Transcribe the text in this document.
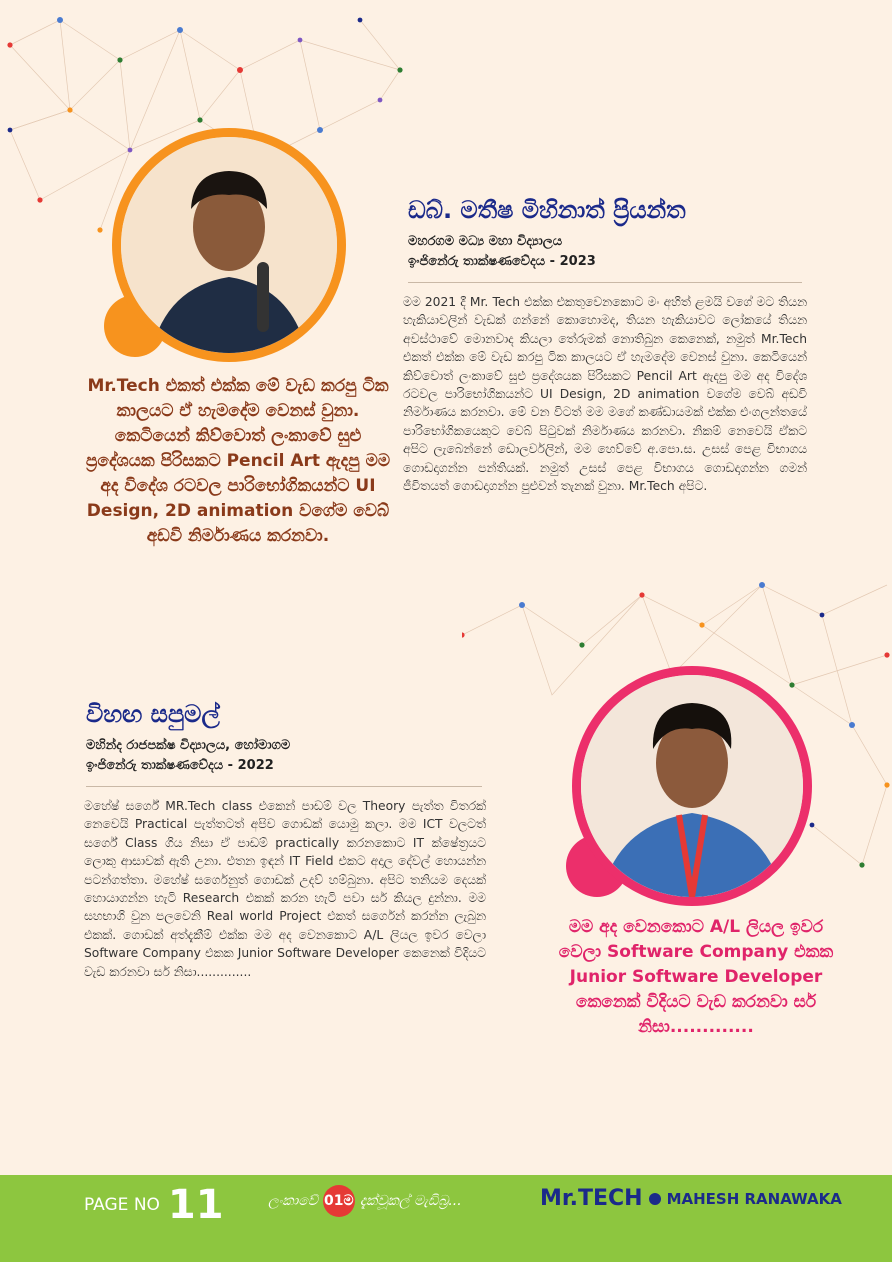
Mr.Tech එකත් එක්ක මේ වැඩ කරපු ටික කාලයට ඒ හැමදේම වෙනස් වුනා. කෙටියෙන් කිව්වොත් ලංකාවේ සුළු ප්‍රදේශයක පිරිසකට Pencil Art ඇදපු මම අද විදේශ රටවල පාරිභෝගිකයන්ට UI Design, 2D animation වගේම වෙබ් අඩවි නිර්මාණය කරනවා.
ඩබ්. මතීෂ මිහිනාත් ප්‍රියන්ත
මහරගම මධ්‍ය මහා විද්‍යාලය
ඉංජිනේරු තාක්ෂණවේදය - 2023
මම 2021 දී Mr. Tech එක්ක එකතුවෙනකොට මං අහිත් ළමයි වගේ මට තියන හැකියාවලින් වැඩක් ගන්නේ කොහොමද, තියන හැකියාවට ලෝකයේ තියන අවස්ථාවේ මොනවාද කියලා තේරුමක් නොතිබුන කෙනෙක්, නමුත් Mr.Tech එකත් එක්ක මේ වැඩ කරපු ටික කාලයට ඒ හැමදේම වෙනස් වුනා. කෙටියෙන් කිව්වොත් ලංකාවේ සුළු ප්‍රදේශයක පිරිසකට Pencil Art ඇදපු මම අද විදේශ රටවල පාරිභෝගිකයන්ට UI Design, 2D animation වගේම වෙබ් අඩවි නිර්මාණය කරනවා. මේ වන විටත් මම මගේ කණ්ඩායමක් එක්ක එංගලන්තයේ පාරිභෝගිකයෙකුට වෙබ් පිටුවක් නිර්මාණය කරනවා. නිකම් නෙවෙයි ඒකට අපිට ලැබෙන්නේ ඩොලර්වලින්, මම හෙව්වේ අ.පො.ස. උසස් පෙළ විභාගය ගොඩදාගන්න පන්තියක්. නමුත් උසස් පෙළ විභාගය ගොඩදාගන්න ගමන් ජීවිතයත් ගොඩදාගන්න පුළුවන් තැනක් වුනා. Mr.Tech අපිට.
විහඟ සපුමල්
මහින්ද රාජපක්ෂ විද්‍යාලය, හෝමාගම
ඉංජිනේරු තාක්ෂණවේදය - 2022
මහේෂ් සර්ගේ MR.Tech class එකෙන් පාඩම් වල Theory පැත්ත විතරක් නෙවෙයි Practical පැත්තටත් අපිව ගොඩක් යොමු කලා. මම ICT වලටත් සර්ගේ Class ගිය නිසා ඒ පාඩම් practically කරනකොට IT ක්ෂේත්‍රයට ලොකු ආසාවක් ඇති උනා. එතන ඉඳන් IT Field එකට අදාල දේවල් හොයන්න පටන්ගත්තා. මහේෂ් සර්ගෙනුත් ගොඩක් උදව් හම්බුනා. අපිට තනියම දෙයක් හොයාගන්න හැටි Research එකක් කරන හැටි පවා සර් කියල දුන්නා. මම සහභාගි වුන පලවෙනි Real world Project එකත් සර්ගෙන් කරන්න ලැබුන එකක්. ගොඩක් අත්දැකීම් එක්ක මම අද වෙනකොට A/L ලියල ඉවර වෙලා Software Company එකක Junior Software Developer කෙනෙක් විදියට වැඩ කරනවා සර් නිසා..............
මම අද වෙනකොට A/L ලියල ඉවර වෙලා Software Company එකක Junior Software Developer කෙනෙක් විදියට වැඩ කරනවා සර් නිසා.............
PAGE NO 11	ලංකාවේ 01ම දැක්වූකල් මැඩිබ්‍ර...	Mr.TECH MAHESH RANAWAKA
